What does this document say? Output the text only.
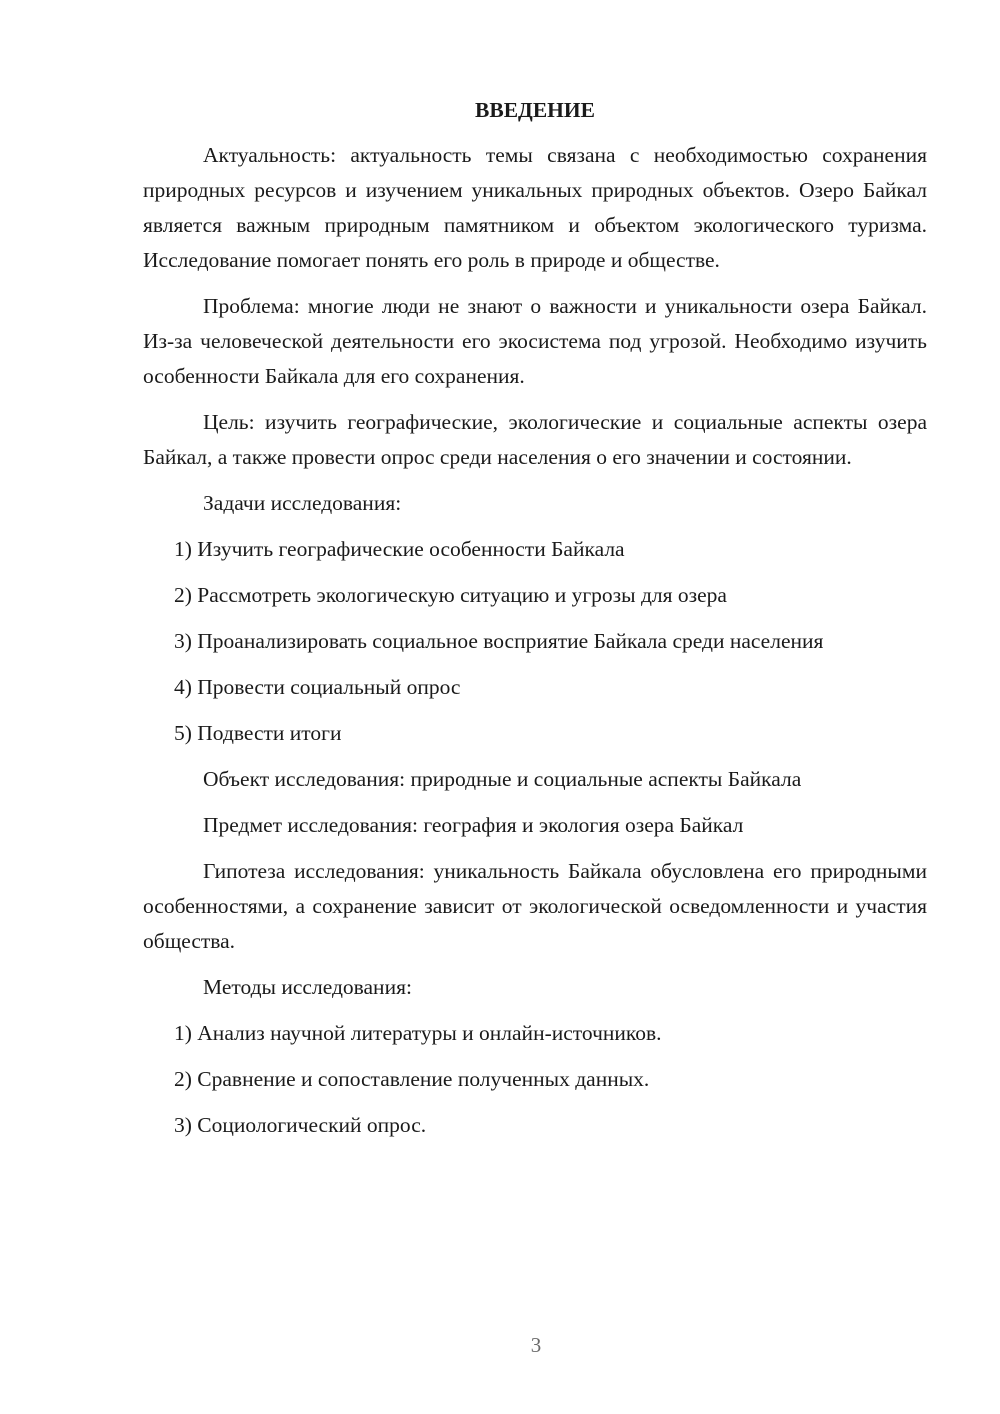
ВВЕДЕНИЕ
Актуальность: актуальность темы связана с необходимостью сохранения природных ресурсов и изучением уникальных природных объектов. Озеро Байкал является важным природным памятником и объектом экологического туризма. Исследование помогает понять его роль в природе и обществе.
Проблема: многие люди не знают о важности и уникальности озера Байкал. Из-за человеческой деятельности его экосистема под угрозой. Необходимо изучить особенности Байкала для его сохранения.
Цель: изучить географические, экологические и социальные аспекты озера Байкал, а также провести опрос среди населения о его значении и состоянии.
Задачи исследования:
1) Изучить географические особенности Байкала
2) Рассмотреть экологическую ситуацию и угрозы для озера
3) Проанализировать социальное восприятие Байкала среди населения
4) Провести социальный опрос
5) Подвести итоги
Объект исследования: природные и социальные аспекты Байкала
Предмет исследования: география и экология озера Байкал
Гипотеза исследования: уникальность Байкала обусловлена его природными особенностями, а сохранение зависит от экологической осведомленности и участия общества.
Методы исследования:
1) Анализ научной литературы и онлайн-источников.
2) Сравнение и сопоставление полученных данных.
3) Социологический опрос.
3
